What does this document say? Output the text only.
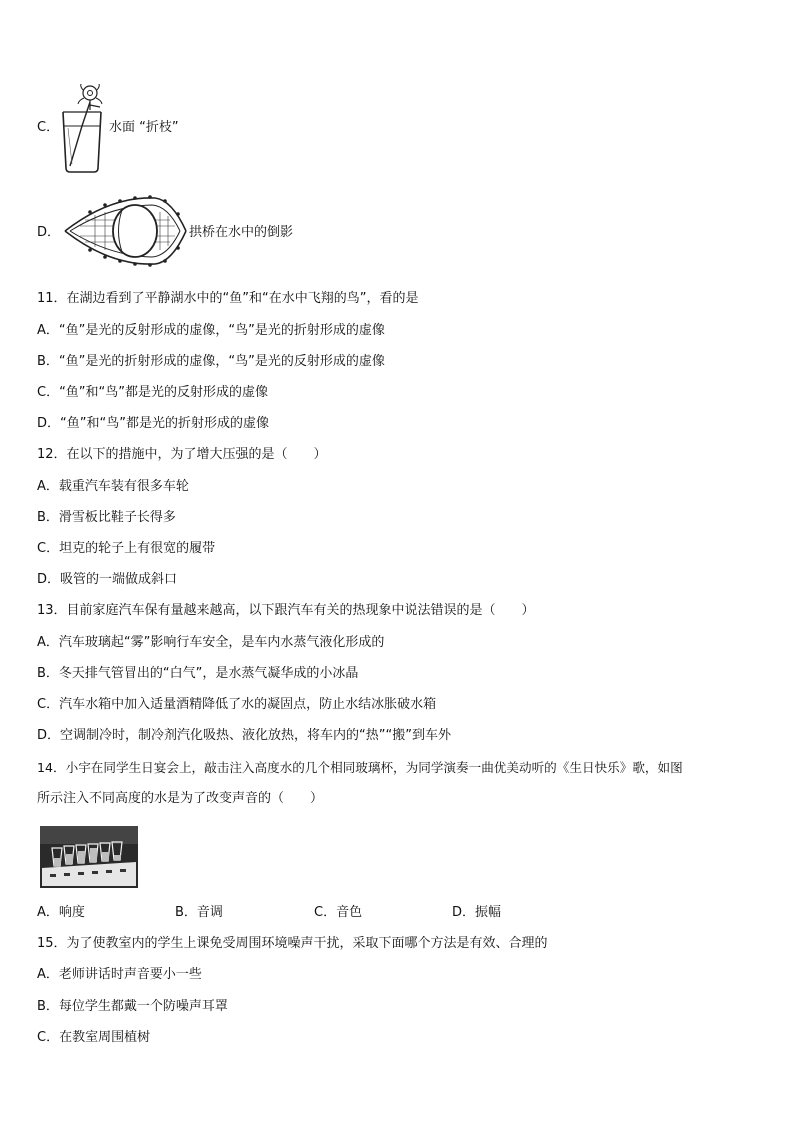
C．	水面 “折枝”
D．	拱桥在水中的倒影
11．在湖边看到了平静湖水中的“鱼”和“在水中飞翔的鸟”，看的是
A．“鱼”是光的反射形成的虚像，“鸟”是光的折射形成的虚像
B．“鱼”是光的折射形成的虚像，“鸟”是光的反射形成的虚像
C．“鱼”和“鸟”都是光的反射形成的虚像
D．“鱼”和“鸟”都是光的折射形成的虚像
12．在以下的措施中，为了增大压强的是（　　）
A．载重汽车装有很多车轮
B．滑雪板比鞋子长得多
C．坦克的轮子上有很宽的履带
D．吸管的一端做成斜口
13．目前家庭汽车保有量越来越高，以下跟汽车有关的热现象中说法错误的是（　　）
A．汽车玻璃起“雾”影响行车安全，是车内水蒸气液化形成的
B．冬天排气管冒出的“白气”，是水蒸气凝华成的小冰晶
C．汽车水箱中加入适量酒精降低了水的凝固点，防止水结冰胀破水箱
D．空调制冷时，制冷剂汽化吸热、液化放热，将车内的“热”“搬”到车外
14．小宇在同学生日宴会上，敲击注入高度水的几个相同玻璃杯，为同学演奏一曲优美动听的《生日快乐》歌，如图
所示注入不同高度的水是为了改变声音的（　　）
A．响度	B．音调	C．音色	D．振幅
15．为了使教室内的学生上课免受周围环境噪声干扰，采取下面哪个方法是有效、合理的
A．老师讲话时声音要小一些
B．每位学生都戴一个防噪声耳罩
C．在教室周围植树
